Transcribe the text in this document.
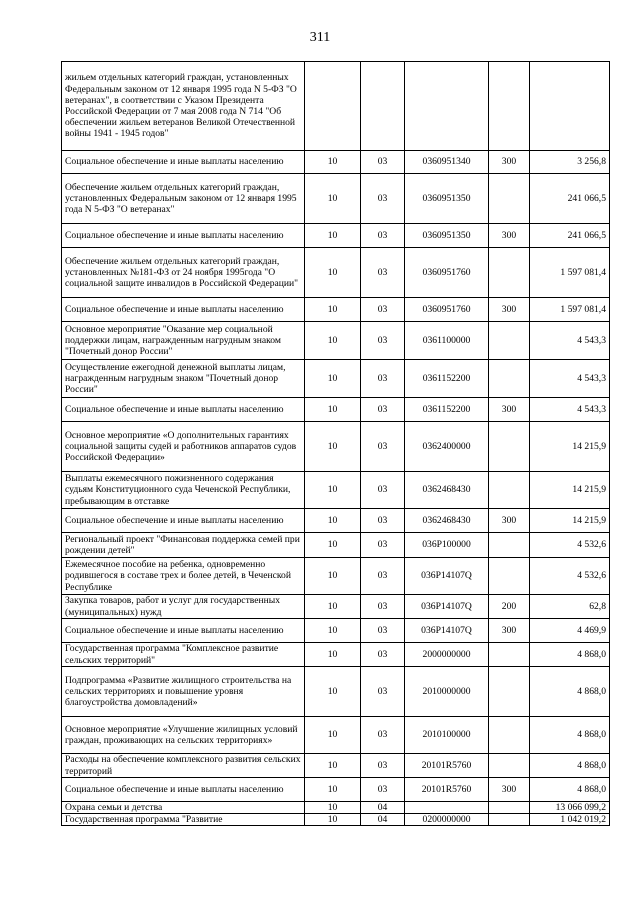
311
жильем отдельных категорий граждан, установленных Федеральным законом от 12 января 1995 года N 5-ФЗ "О ветеранах", в соответствии с Указом Президента Российской Федерации от 7 мая 2008 года N 714 "Об обеспечении жильем ветеранов Великой Отечественной войны 1941 - 1945 годов"					
Социальное обеспечение и иные выплаты населению	10	03	0360951340	300	3 256,8
Обеспечение жильем отдельных категорий граждан, установленных Федеральным законом от 12 января 1995 года N 5-ФЗ "О ветеранах"	10	03	0360951350		241 066,5
Социальное обеспечение и иные выплаты населению	10	03	0360951350	300	241 066,5
Обеспечение жильем отдельных категорий граждан, установленных №181-ФЗ от 24 ноября 1995года "О социальной защите инвалидов в Российской Федерации"	10	03	0360951760		1 597 081,4
Социальное обеспечение и иные выплаты населению	10	03	0360951760	300	1 597 081,4
Основное мероприятие "Оказание мер социальной поддержки лицам, награжденным нагрудным знаком "Почетный донор России"	10	03	0361100000		4 543,3
Осуществление ежегодной денежной выплаты лицам, награжденным нагрудным знаком "Почетный донор России"	10	03	0361152200		4 543,3
Социальное обеспечение и иные выплаты населению	10	03	0361152200	300	4 543,3
Основное мероприятие «О дополнительных гарантиях социальной защиты судей и работников аппаратов судов Российской Федерации»	10	03	0362400000		14 215,9
Выплаты ежемесячного пожизненного содержания судьям Конституционного суда Чеченской Республики, пребывающим в отставке	10	03	0362468430		14 215,9
Социальное обеспечение и иные выплаты населению	10	03	0362468430	300	14 215,9
Региональный проект "Финансовая поддержка семей при рождении детей"	10	03	036P100000		4 532,6
Ежемесячное пособие на ребенка, одновременно родившегося в составе трех и более детей, в Чеченской Республике	10	03	036P14107Q		4 532,6
Закупка товаров, работ и услуг для государственных (муниципальных) нужд	10	03	036P14107Q	200	62,8
Социальное обеспечение и иные выплаты населению	10	03	036P14107Q	300	4 469,9
Государственная программа "Комплексное развитие сельских территорий"	10	03	2000000000		4 868,0
Подпрограмма «Развитие жилищного строительства на сельских территориях и повышение уровня благоустройства домовладений»	10	03	2010000000		4 868,0
Основное мероприятие «Улучшение жилищных условий граждан, проживающих на сельских территориях»	10	03	2010100000		4 868,0
Расходы на обеспечение комплексного развития сельских территорий	10	03	20101R5760		4 868,0
Социальное обеспечение и иные выплаты населению	10	03	20101R5760	300	4 868,0
Охрана семьи и детства	10	04			13 066 099,2
Государственная программа "Развитие	10	04	0200000000		1 042 019,2
